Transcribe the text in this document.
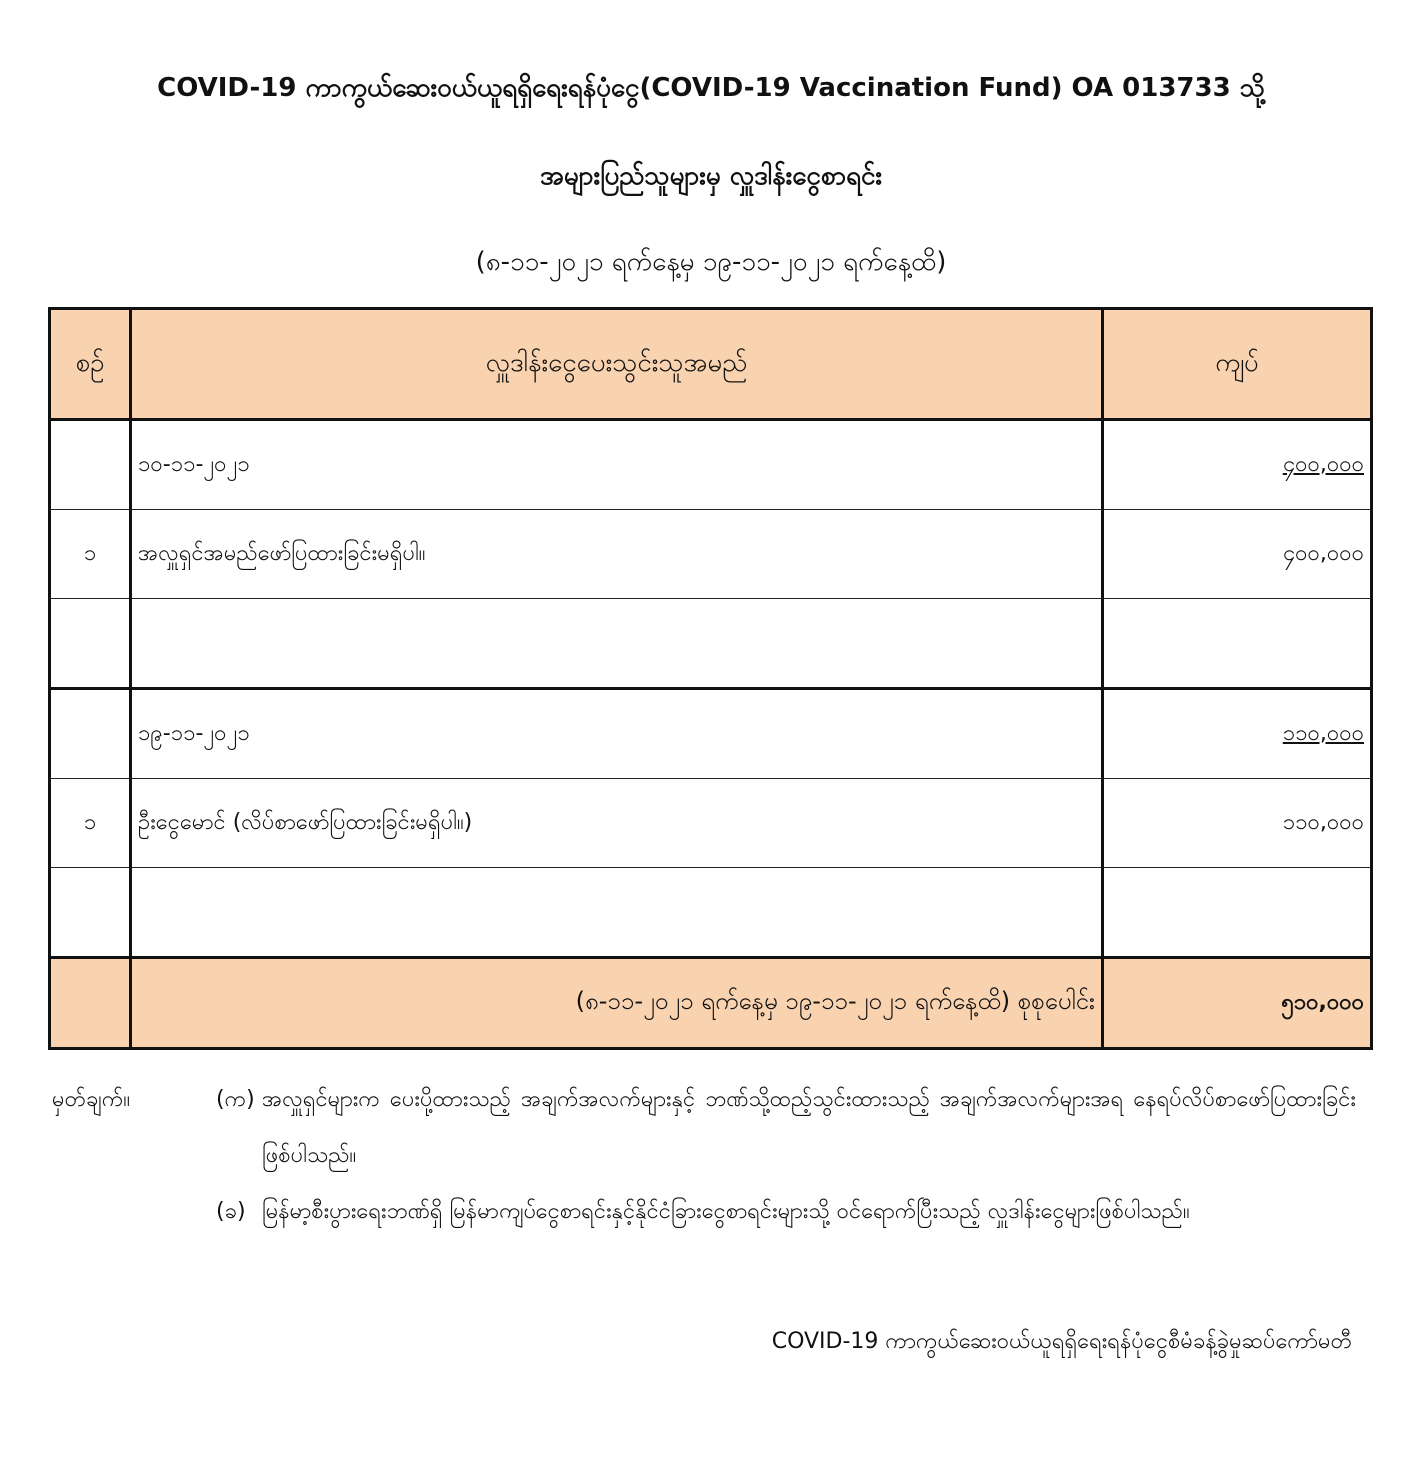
COVID-19 ကာကွယ်ဆေးဝယ်ယူရရှိရေးရန်ပုံငွေ(COVID-19 Vaccination Fund) OA 013733 သို့
အများပြည်သူများမှ လှူဒါန်းငွေစာရင်း
(၈-၁၁-၂၀၂၁ ရက်နေ့မှ ၁၉-၁၁-၂၀၂၁ ရက်နေ့ထိ)
စဉ်	လှူဒါန်းငွေပေးသွင်းသူအမည်	ကျပ်
	၁၀-၁၁-၂၀၂၁	၄၀၀,၀၀၀
၁	အလှူရှင်အမည်ဖော်ပြထားခြင်းမရှိပါ။	၄၀၀,၀၀၀

	၁၉-၁၁-၂၀၂၁	၁၁၀,၀၀၀
၁	ဦးငွေမောင် (လိပ်စာဖော်ပြထားခြင်းမရှိပါ။)	၁၁၀,၀၀၀

	(၈-၁၁-၂၀၂၁ ရက်နေ့မှ ၁၉-၁၁-၂၀၂၁ ရက်နေ့ထိ) စုစုပေါင်း	၅၁၀,၀၀၀
မှတ်ချက်။	(က) အလှူရှင်များက ပေးပို့ထားသည့် အချက်အလက်များနှင့် ဘဏ်သို့ထည့်သွင်းထားသည့် အချက်အလက်များအရ နေရပ်လိပ်စာဖော်ပြထားခြင်းဖြစ်ပါသည်။
(ခ) မြန်မာ့စီးပွားရေးဘဏ်ရှိ မြန်မာကျပ်ငွေစာရင်းနှင့်နိုင်ငံခြားငွေစာရင်းများသို့ ဝင်ရောက်ပြီးသည့် လှူဒါန်းငွေများဖြစ်ပါသည်။
COVID-19 ကာကွယ်ဆေးဝယ်ယူရရှိရေးရန်ပုံငွေစီမံခန့်ခွဲမှုဆပ်ကော်မတီ
